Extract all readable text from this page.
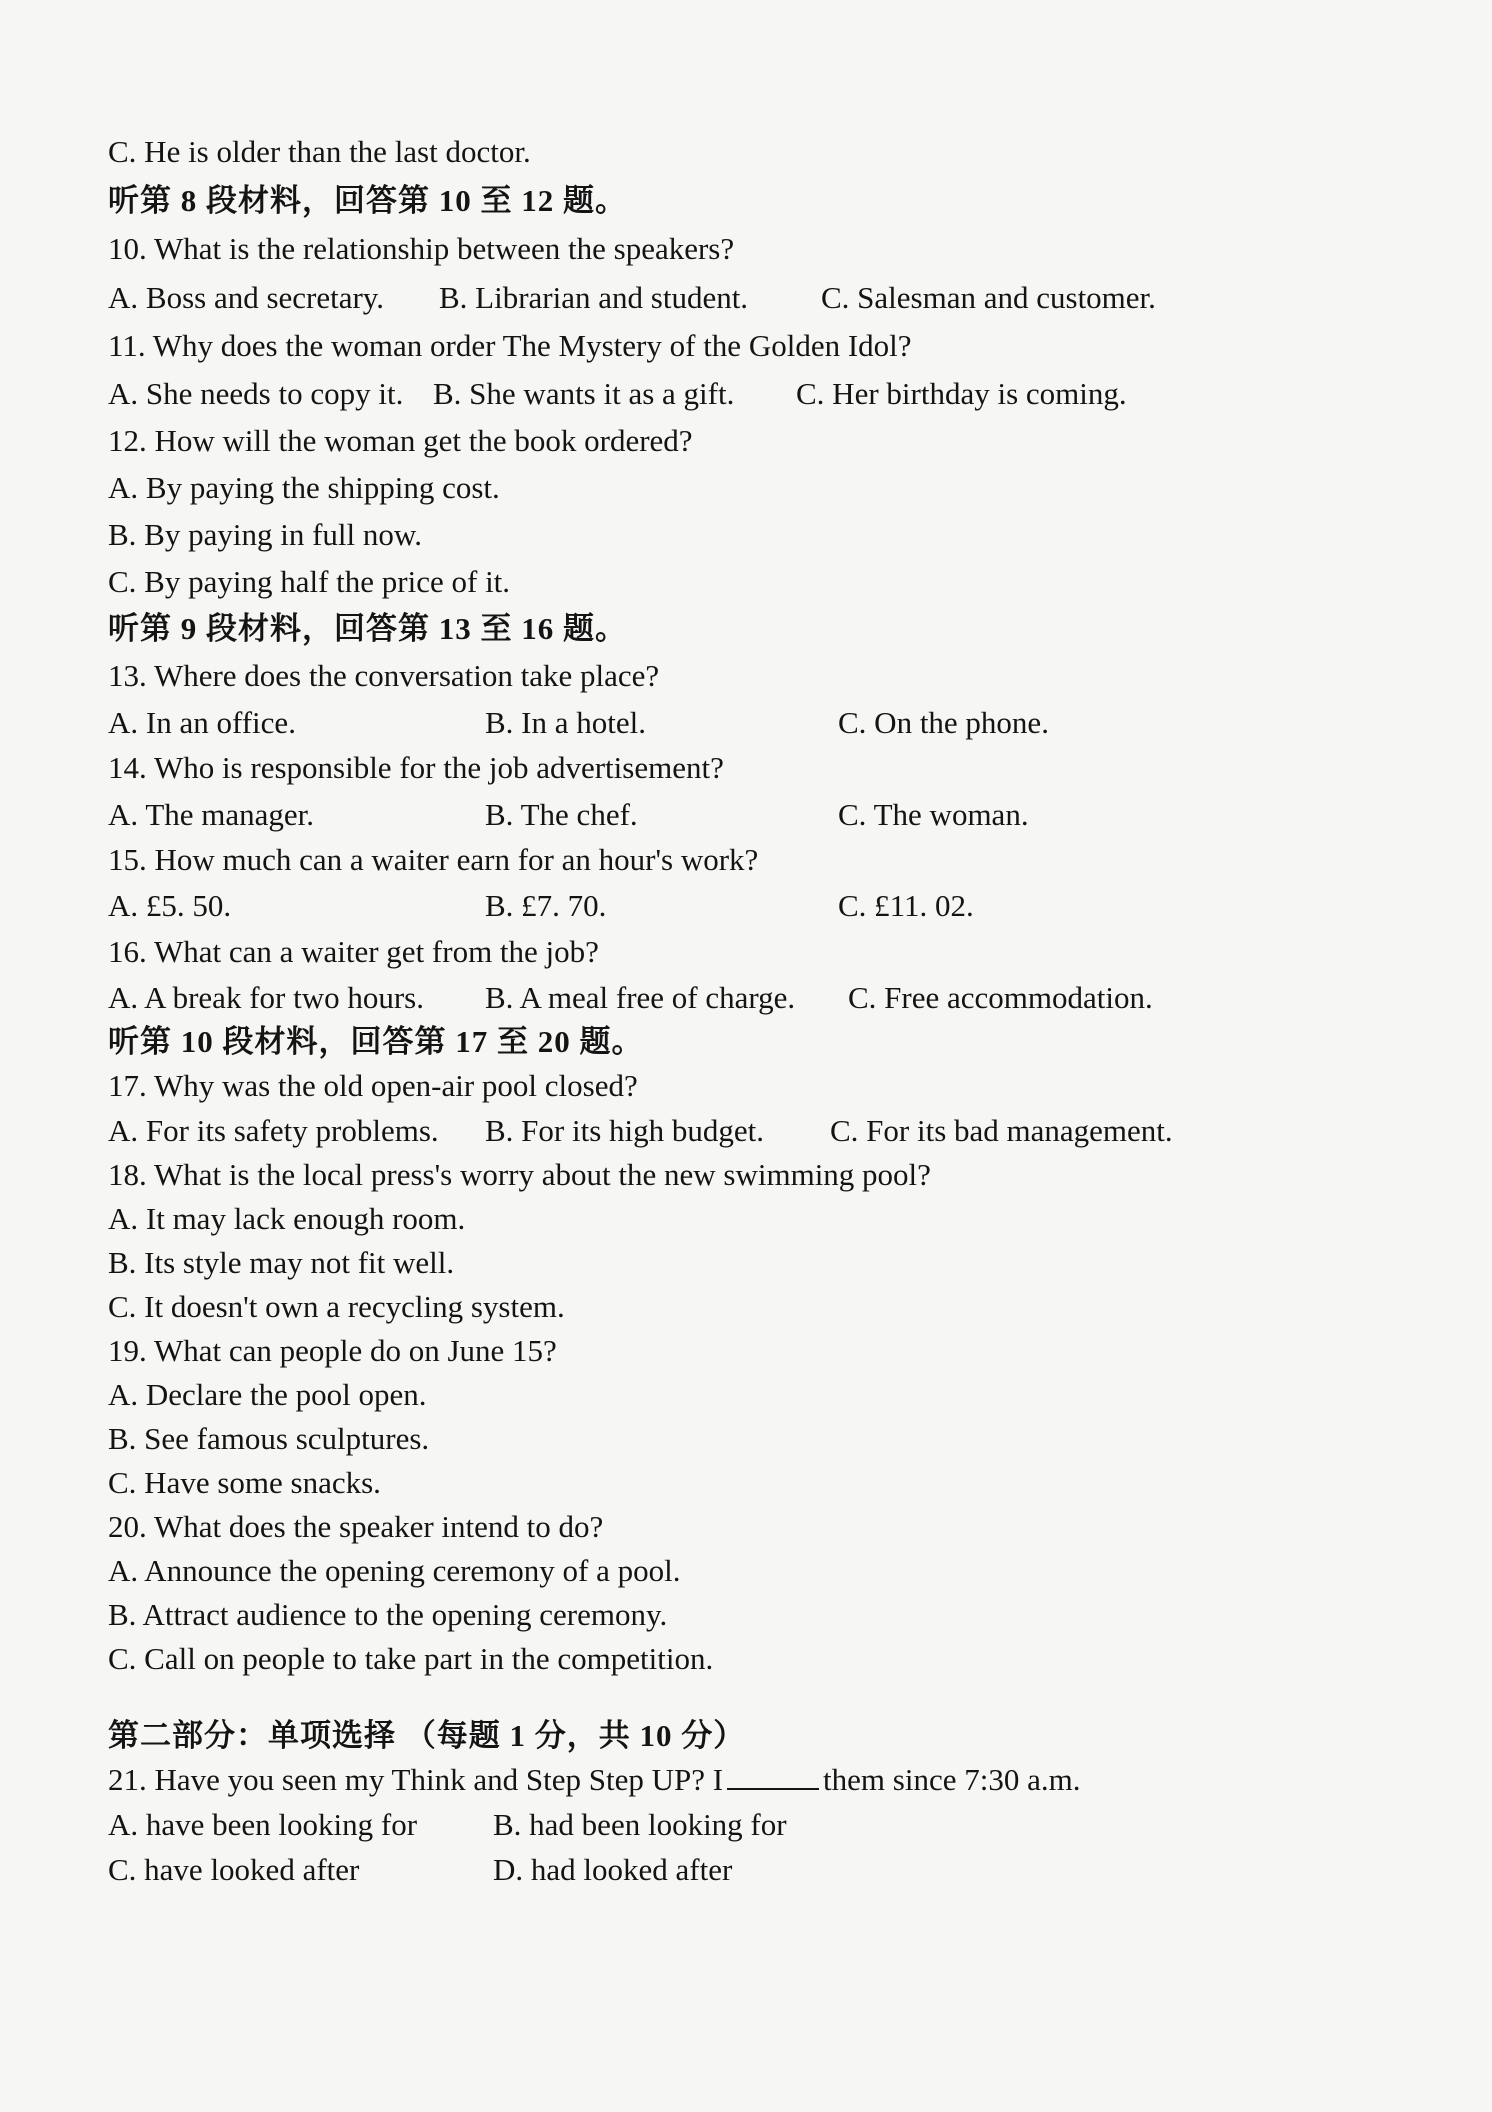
C. He is older than the last doctor.
听第 8 段材料，回答第 10 至 12 题。
10. What is the relationship between the speakers?
A. Boss and secretary. B. Librarian and student. C. Salesman and customer.
11. Why does the woman order The Mystery of the Golden Idol?
A. She needs to copy it. B. She wants it as a gift. C. Her birthday is coming.
12. How will the woman get the book ordered?
A. By paying the shipping cost.
B. By paying in full now.
C. By paying half the price of it.
听第 9 段材料，回答第 13 至 16 题。
13. Where does the conversation take place?
A. In an office.	B. In a hotel.	C. On the phone.
14. Who is responsible for the job advertisement?
A. The manager.	B. The chef.	C. The woman.
15. How much can a waiter earn for an hour's work?
A. £5. 50.	B. £7. 70.	C. £11. 02.
16. What can a waiter get from the job?
A. A break for two hours. B. A meal free of charge. C. Free accommodation.
听第 10 段材料，回答第 17 至 20 题。
17. Why was the old open-air pool closed?
A. For its safety problems. B. For its high budget. C. For its bad management.
18. What is the local press's worry about the new swimming pool?
A. It may lack enough room.
B. Its style may not fit well.
C. It doesn't own a recycling system.
19. What can people do on June 15?
A. Declare the pool open.
B. See famous sculptures.
C. Have some snacks.
20. What does the speaker intend to do?
A. Announce the opening ceremony of a pool.
B. Attract audience to the opening ceremony.
C. Call on people to take part in the competition.
第二部分：单项选择 （每题 1 分，共 10 分）
21. Have you seen my Think and Step Step UP? I	them since 7:30 a.m.
A. have been looking for B. had been looking for
C. have looked after	D. had looked after
